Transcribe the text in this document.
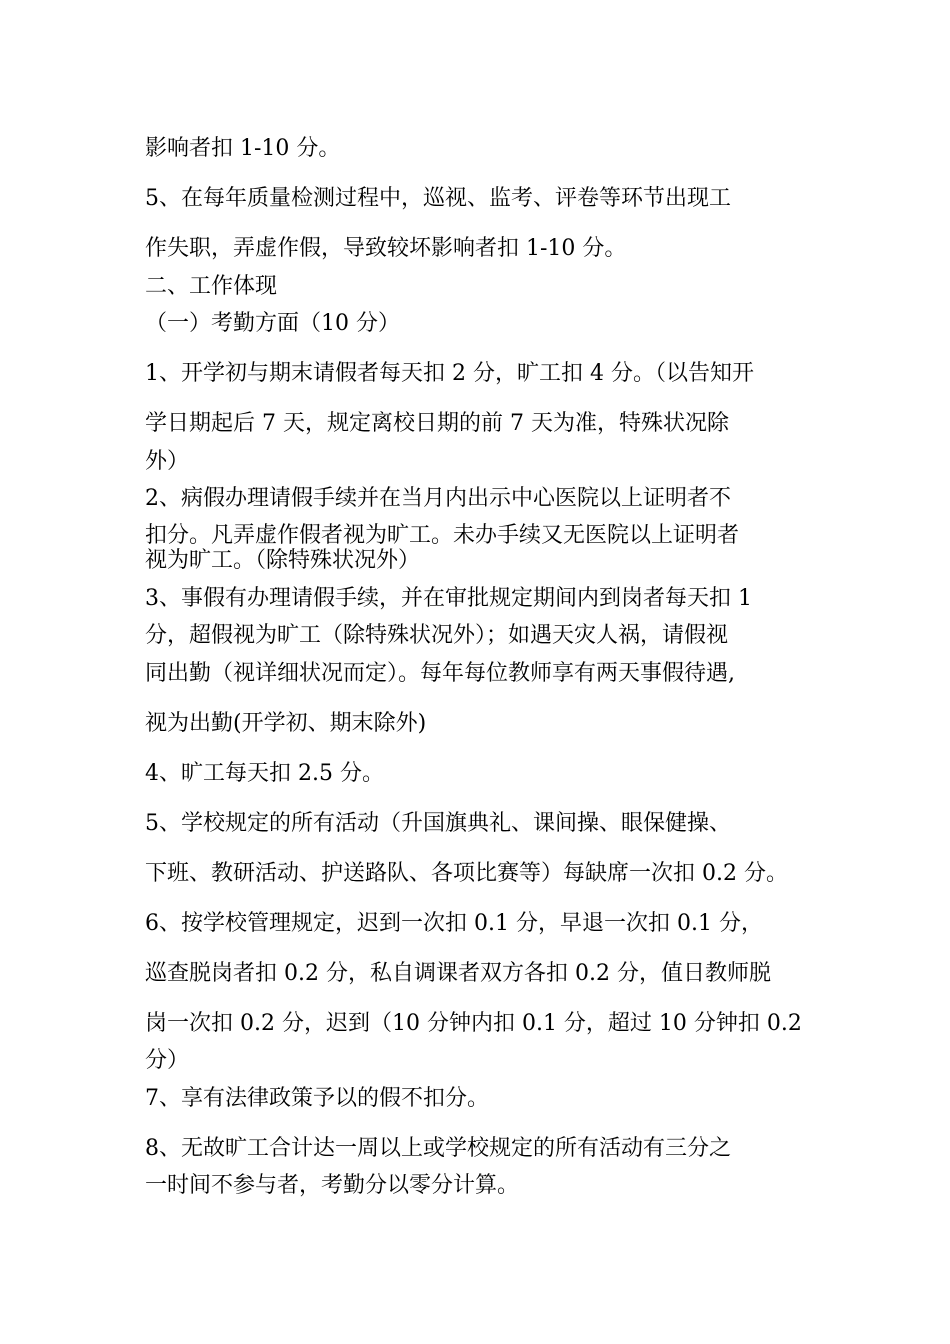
影响者扣 1-10 分。
5、在每年质量检测过程中，巡视、监考、评卷等环节出现工
作失职，弄虚作假，导致较坏影响者扣 1-10 分。
二、工作体现
（一）考勤方面（10 分）
1、开学初与期末请假者每天扣 2 分，旷工扣 4 分。（以告知开
学日期起后 7 天，规定离校日期的前 7 天为准，特殊状况除
外）
2、病假办理请假手续并在当月内出示中心医院以上证明者不
扣分。凡弄虚作假者视为旷工。未办手续又无医院以上证明者
视为旷工。（除特殊状况外）
3、事假有办理请假手续，并在审批规定期间内到岗者每天扣 1
分，超假视为旷工（除特殊状况外）；如遇天灾人祸，请假视
同出勤（视详细状况而定）。每年每位教师享有两天事假待遇,
视为出勤(开学初、期末除外)
4、旷工每天扣 2.5 分。
5、学校规定的所有活动（升国旗典礼、课间操、眼保健操、
下班、教研活动、护送路队、各项比赛等）每缺席一次扣 0.2 分。
6、按学校管理规定，迟到一次扣 0.1 分，早退一次扣 0.1 分，
巡查脱岗者扣 0.2 分，私自调课者双方各扣 0.2 分，值日教师脱
岗一次扣 0.2 分，迟到（10 分钟内扣 0.1 分，超过 10 分钟扣 0.2
分）
7、享有法律政策予以的假不扣分。
8、无故旷工合计达一周以上或学校规定的所有活动有三分之
一时间不参与者，考勤分以零分计算。
